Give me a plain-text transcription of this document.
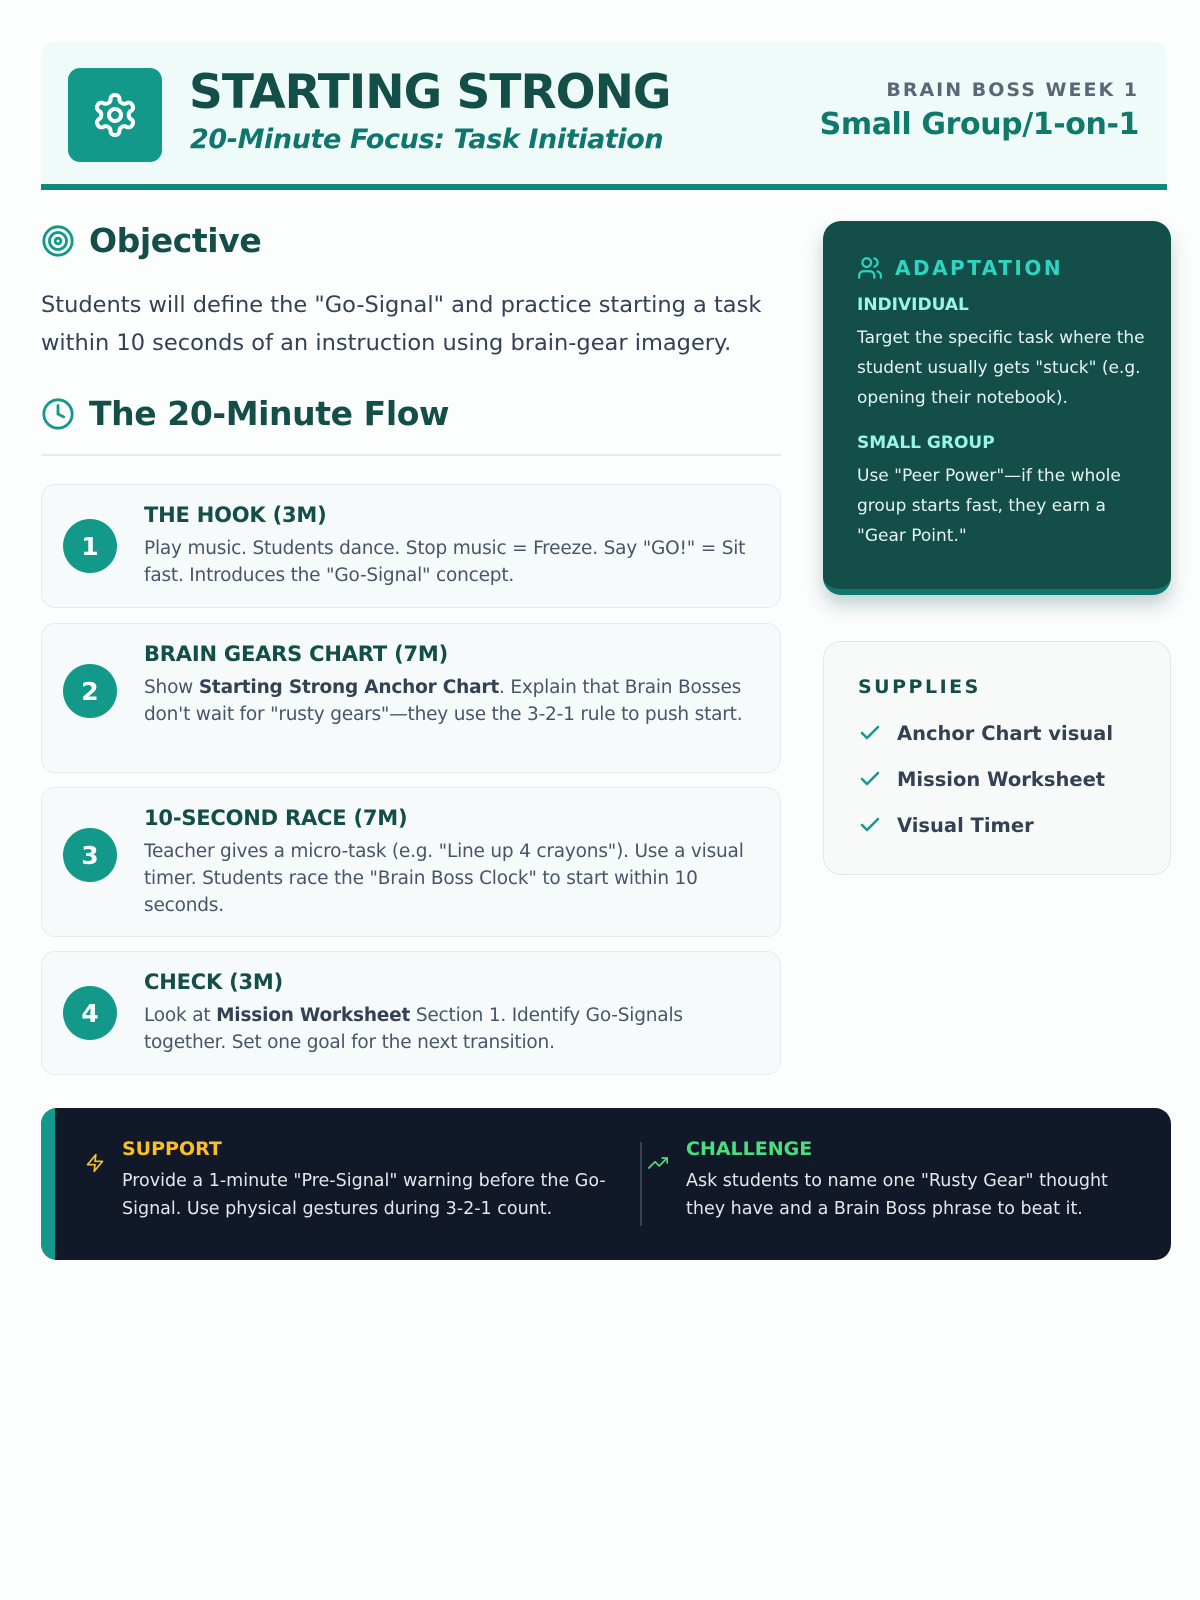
STARTING STRONG
20-Minute Focus: Task Initiation
BRAIN BOSS WEEK 1
Small Group/1-on-1
Objective
Students will define the "Go-Signal" and practice starting a task within 10 seconds of an instruction using brain-gear imagery.
The 20-Minute Flow
1
THE HOOK (3M)
Play music. Students dance. Stop music = Freeze. Say "GO!" = Sit fast. Introduces the "Go-Signal" concept.
2
BRAIN GEARS CHART (7M)
Show Starting Strong Anchor Chart. Explain that Brain Bosses don't wait for "rusty gears"—they use the 3-2-1 rule to push start.
3
10-SECOND RACE (7M)
Teacher gives a micro-task (e.g. "Line up 4 crayons"). Use a visual timer. Students race the "Brain Boss Clock" to start within 10 seconds.
4
CHECK (3M)
Look at Mission Worksheet Section 1. Identify Go-Signals together. Set one goal for the next transition.
ADAPTATION
INDIVIDUAL
Target the specific task where the student usually gets "stuck" (e.g. opening their notebook).
SMALL GROUP
Use "Peer Power"—if the whole group starts fast, they earn a "Gear Point."
SUPPLIES
Anchor Chart visual
Mission Worksheet
Visual Timer
SUPPORT
Provide a 1-minute "Pre-Signal" warning before the Go-Signal. Use physical gestures during 3-2-1 count.
CHALLENGE
Ask students to name one "Rusty Gear" thought they have and a Brain Boss phrase to beat it.
